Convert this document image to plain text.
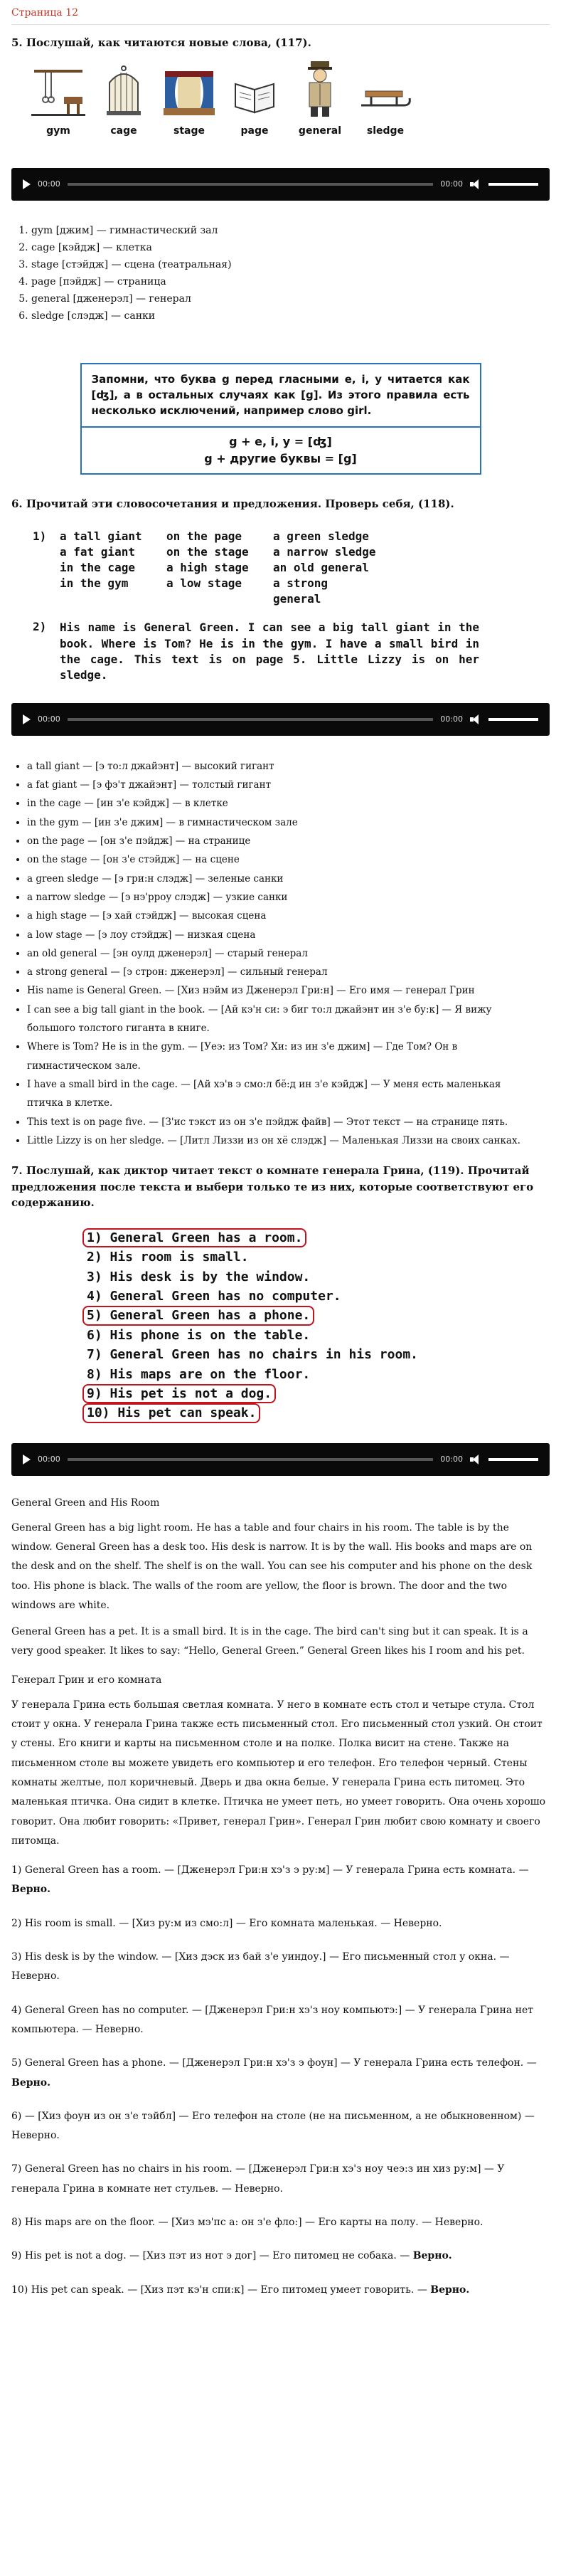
Страница 12
5. Послушай, как читаются новые слова, (117).
gym	cage	stage	page	general	sledge
00:00	00:00
1. gym [джим] — гимнастический зал
2. cage [кэйдж] — клетка
3. stage [стэйдж] — сцена (театральная)
4. page [пэйдж] — страница
5. general [дженерэл] — генерал
6. sledge [слэдж] — санки
Запомни, что буква g перед гласными e, i, y читается как [ʤ], а в остальных случаях как [g]. Из этого правила есть несколько исключений, например слово girl.
g + e, i, y = [ʤ]
g + другие буквы = [g]
6. Прочитай эти словосочетания и предложения. Проверь себя, (118).
1)	a tall giant	on the page	a green sledge
a fat giant	on the stage	a narrow sledge
in the cage	a high stage	an old general
in the gym	a low stage	a strong general
2)	His name is General Green. I can see a big tall giant in the book. Where is Tom? He is in the gym. I have a small bird in the cage. This text is on page 5. Little Lizzy is on her sledge.
00:00	00:00
• a tall giant — [э то:л джайэнт] — высокий гигант
• a fat giant — [э фэ'т джайэнт] — толстый гигант
• in the cage — [ин з'е кэйдж] — в клетке
• in the gym — [ин з'е джим] — в гимнастическом зале
• on the page — [он з'е пэйдж] — на странице
• on the stage — [он з'е стэйдж] — на сцене
• a green sledge — [э гри:н слэдж] — зеленые санки
• a narrow sledge — [э нэ'рроу слэдж] — узкие санки
• a high stage — [э хай стэйдж] — высокая сцена
• a low stage — [э лоу стэйдж] — низкая сцена
• an old general — [эн оулд дженерэл] — старый генерал
• a strong general — [э строн: дженерэл] — сильный генерал
• His name is General Green. — [Хиз нэйм из Дженерэл Гри:н] — Его имя — генерал Грин
• I can see a big tall giant in the book. — [Ай кэ'н си: э биг то:л джайэнт ин з'е бу:к] — Я вижу большого толстого гиганта в книге.
• Where is Tom? He is in the gym. — [Уеэ: из Том? Хи: из ин з'е джим] — Где Том? Он в гимнастическом зале.
• I have a small bird in the cage. — [Ай хэ'в э смо:л бё:д ин з'е кэйдж] — У меня есть маленькая птичка в клетке.
• This text is on page five. — [З'ис тэкст из он з'е пэйдж файв] — Этот текст — на странице пять.
• Little Lizzy is on her sledge. — [Литл Лиззи из он хё слэдж] — Маленькая Лиззи на своих санках.
7. Послушай, как диктор читает текст о комнате генерала Грина, (119). Прочитай предложения после текста и выбери только те из них, которые соответствуют его содержанию.
1) General Green has a room.
2) His room is small.
3) His desk is by the window.
4) General Green has no computer.
5) General Green has a phone.
6) His phone is on the table.
7) General Green has no chairs in his room.
8) His maps are on the floor.
9) His pet is not a dog.
10) His pet can speak.
00:00	00:00
General Green and His Room

General Green has a big light room. He has a table and four chairs in his room. The table is by the window. General Green has a desk too. His desk is narrow. It is by the wall. His books and maps are on the desk and on the shelf. The shelf is on the wall. You can see his computer and his phone on the desk too. His phone is black. The walls of the room are yellow, the floor is brown. The door and the two windows are white.

General Green has a pet. It is a small bird. It is in the cage. The bird can't sing but it can speak. It is a very good speaker. It likes to say: “Hello, General Green.” General Green likes his I room and his pet.

Генерал Грин и его комната

У генерала Грина есть большая светлая комната. У него в комнате есть стол и четыре стула. Стол стоит у окна. У генерала Грина также есть письменный стол. Его письменный стол узкий. Он стоит у стены. Его книги и карты на письменном столе и на полке. Полка висит на стене. Также на письменном столе вы можете увидеть его компьютер и его телефон. Его телефон черный. Стены комнаты желтые, пол коричневый. Дверь и два окна белые. У генерала Грина есть питомец. Это маленькая птичка. Она сидит в клетке. Птичка не умеет петь, но умеет говорить. Она очень хорошо говорит. Она любит говорить: «Привет, генерал Грин». Генерал Грин любит свою комнату и своего питомца.

1) General Green has a room. — [Дженерэл Гри:н хэ'з э ру:м] — У генерала Грина есть комната. — Верно.
2) His room is small. — [Хиз ру:м из смо:л] — Его комната маленькая. — Неверно.
3) His desk is by the window. — [Хиз дэск из бай з'е уиндоу.] — Его письменный стол у окна. — Неверно.
4) General Green has no computer. — [Дженерэл Гри:н хэ'з ноу компьютэ:] — У генерала Грина нет компьютера. — Неверно.
5) General Green has a phone. — [Дженерэл Гри:н хэ'з э фоун] — У генерала Грина есть телефон. — Верно.
6) — [Хиз фоун из он з'е тэйбл] — Его телефон на столе (не на письменном, а не обыкновенном) — Неверно.
7) General Green has no chairs in his room. — [Дженерэл Гри:н хэ'з ноу чеэ:з ин хиз ру:м] — У генерала Грина в комнате нет стульев. — Неверно.
8) His maps are on the floor. — [Хиз мэ'пс а: он з'е фло:] — Его карты на полу. — Неверно.
9) His pet is not a dog. — [Хиз пэт из нот э дог] — Его питомец не собака. — Верно.
10) His pet can speak. — [Хиз пэт кэ'н спи:к] — Его питомец умеет говорить. — Верно.
